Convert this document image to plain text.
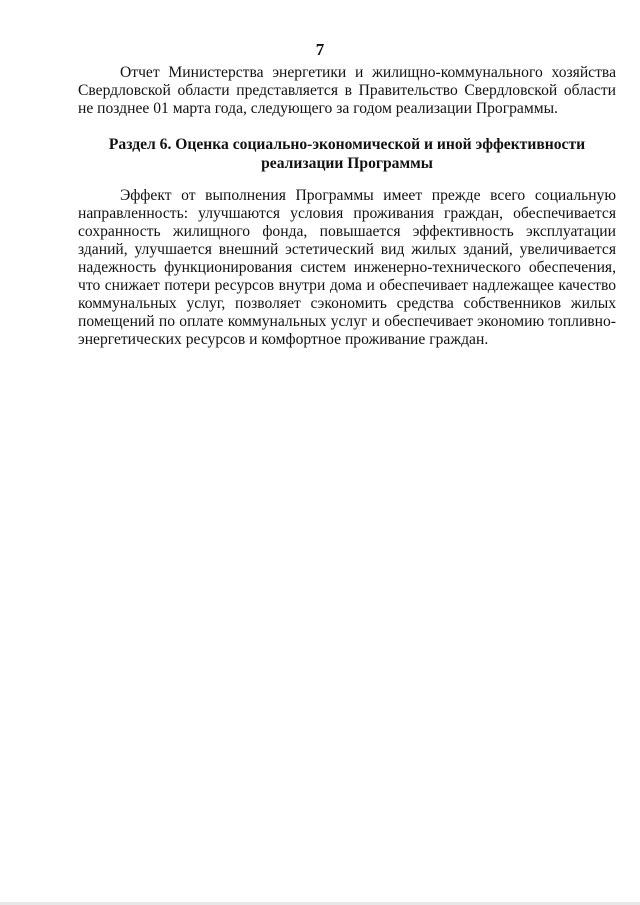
7

Отчет Министерства энергетики и жилищно-коммунального хозяйства Свердловской области представляется в Правительство Свердловской области не позднее 01 марта года, следующего за годом реализации Программы.

Раздел 6. Оценка социально-экономической и иной эффективности реализации Программы

Эффект от выполнения Программы имеет прежде всего социальную направленность: улучшаются условия проживания граждан, обеспечивается сохранность жилищного фонда, повышается эффективность эксплуатации зданий, улучшается внешний эстетический вид жилых зданий, увеличивается надежность функционирования систем инженерно-технического обеспечения, что снижает потери ресурсов внутри дома и обеспечивает надлежащее качество коммунальных услуг, позволяет сэкономить средства собственников жилых помещений по оплате коммунальных услуг и обеспечивает экономию топливно-энергетических ресурсов и комфортное проживание граждан.
